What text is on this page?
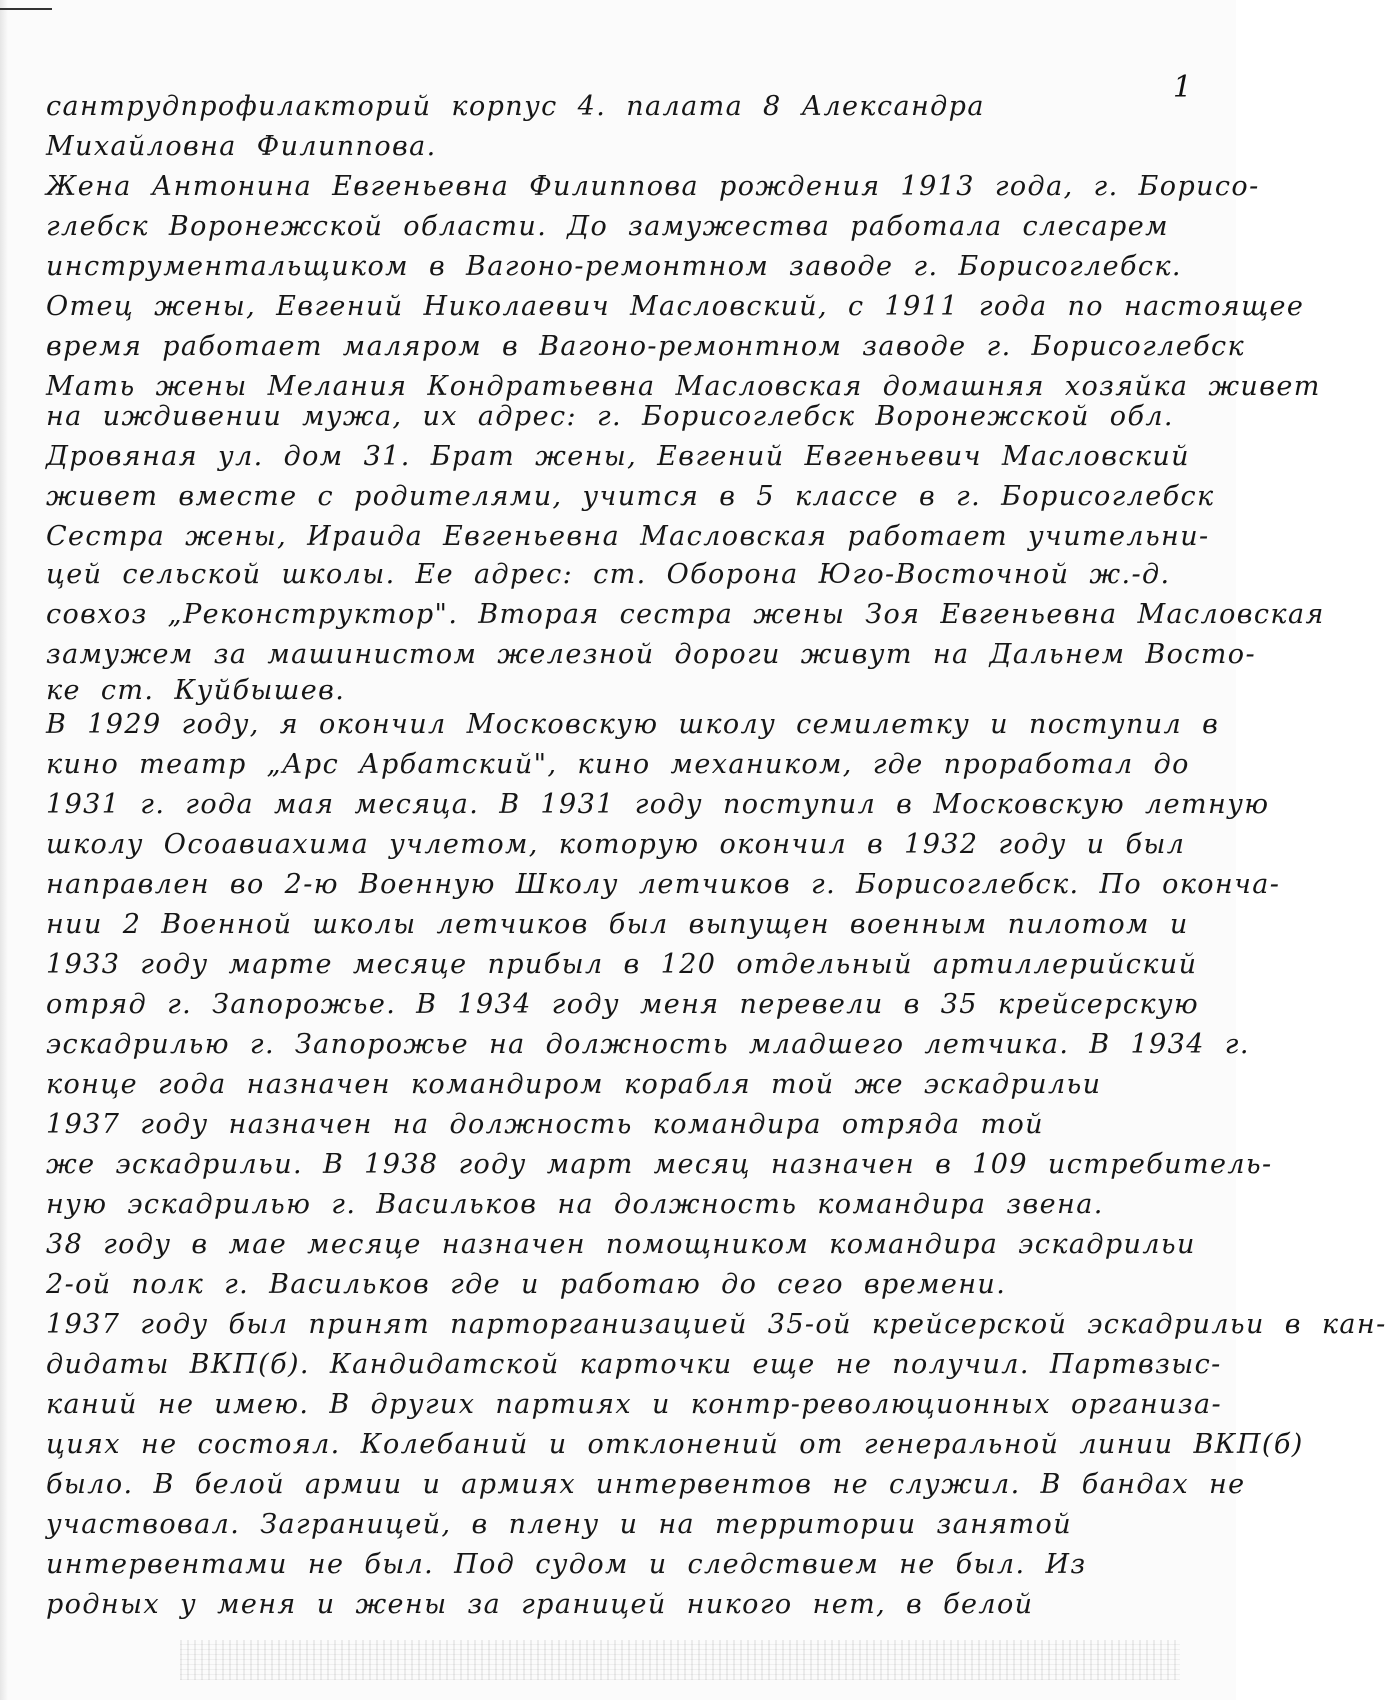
1
сантрудпрофилакторий корпус 4. палата 8 Александра
Михайловна Филиппова.
Жена Антонина Евгеньевна Филиппова рождения 1913 года, г. Борисо-
глебск Воронежской области. До замужества работала слесарем
инструментальщиком в Вагоно-ремонтном заводе г. Борисоглебск.
Отец жены, Евгений Николаевич Масловский, с 1911 года по настоящее
время работает маляром в Вагоно-ремонтном заводе г. Борисоглебск
Мать жены Мелания Кондратьевна Масловская домашняя хозяйка живет
на иждивении мужа, их адрес: г. Борисоглебск Воронежской обл.
Дровяная ул. дом 31. Брат жены, Евгений Евгеньевич Масловский
живет вместе с родителями, учится в 5 классе в г. Борисоглебск
Сестра жены, Ираида Евгеньевна Масловская работает учительни-
цей сельской школы. Ее адрес: ст. Оборона Юго-Восточной ж.-д.
совхоз „Реконструктор". Вторая сестра жены Зоя Евгеньевна Масловская
замужем за машинистом железной дороги живут на Дальнем Восто-
ке ст. Куйбышев.
В 1929 году, я окончил Московскую школу семилетку и поступил в
кино театр „Арс Арбатский", кино механиком, где проработал до
1931 г. года мая месяца. В 1931 году поступил в Московскую летную
школу Осоавиахима учлетом, которую окончил в 1932 году и был
направлен во 2-ю Военную Школу летчиков г. Борисоглебск. По оконча-
нии 2 Военной школы летчиков был выпущен военным пилотом и
1933 году марте месяце прибыл в 120 отдельный артиллерийский
отряд г. Запорожье. В 1934 году меня перевели в 35 крейсерскую
эскадрилью г. Запорожье на должность младшего летчика. В 1934 г.
конце года назначен командиром корабля той же эскадрильи
1937 году назначен на должность командира отряда той
же эскадрильи. В 1938 году март месяц назначен в 109 истребитель-
ную эскадрилью г. Васильков на должность командира звена.
38 году в мае месяце назначен помощником командира эскадрильи
2-ой полк г. Васильков где и работаю до сего времени.
1937 году был принят парторганизацией 35-ой крейсерской эскадрильи в кан-
дидаты ВКП(б). Кандидатской карточки еще не получил. Партвзыс-
каний не имею. В других партиях и контр-революционных организа-
циях не состоял. Колебаний и отклонений от генеральной линии ВКП(б)
было. В белой армии и армиях интервентов не служил. В бандах не
участвовал. Заграницей, в плену и на территории занятой
интервентами не был. Под судом и следствием не был. Из
родных у меня и жены за границей никого нет, в белой
